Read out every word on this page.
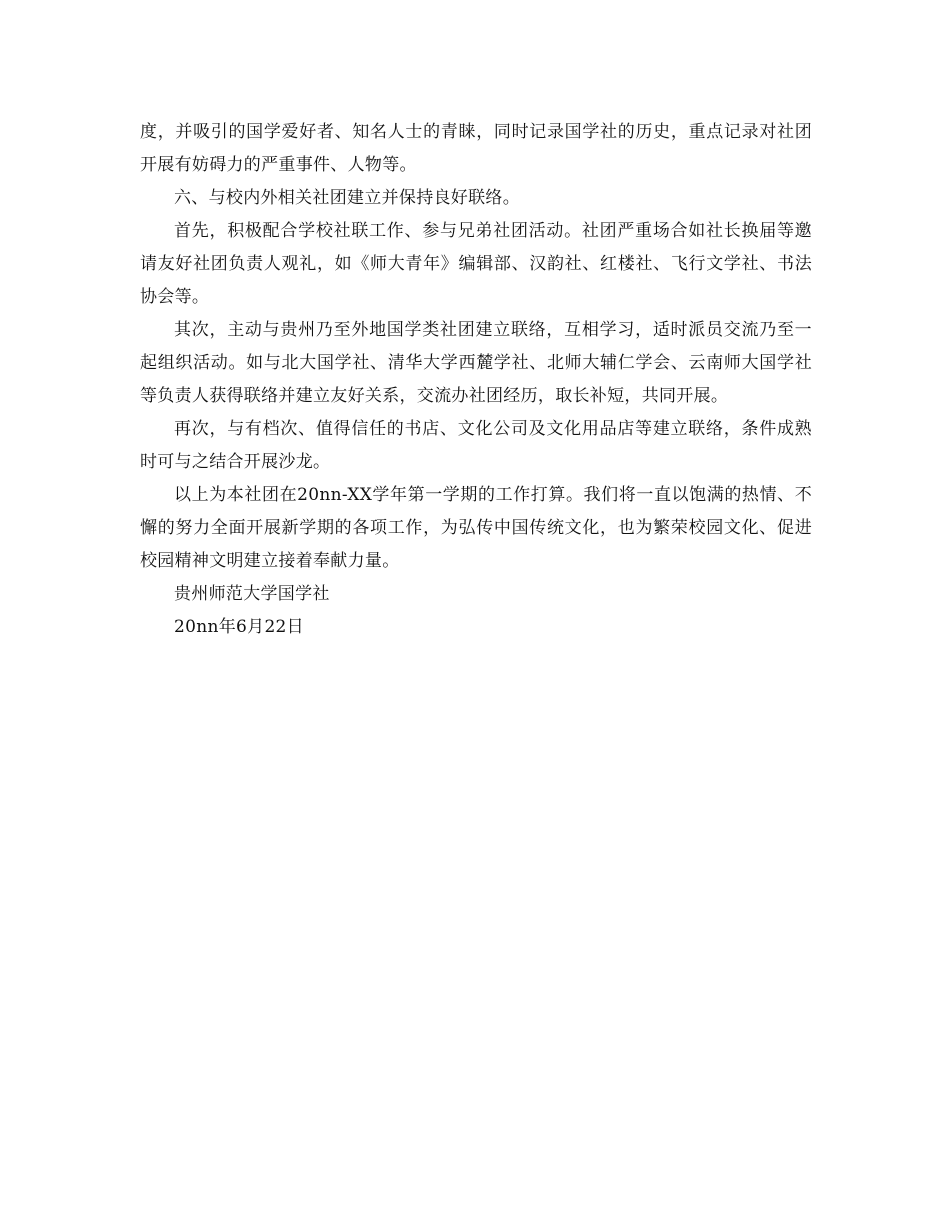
度，并吸引的国学爱好者、知名人士的青睐，同时记录国学社的历史，重点记录对社团开展有妨碍力的严重事件、人物等。

六、与校内外相关社团建立并保持良好联络。

首先，积极配合学校社联工作、参与兄弟社团活动。社团严重场合如社长换届等邀请友好社团负责人观礼，如《师大青年》编辑部、汉韵社、红楼社、飞行文学社、书法协会等。

其次，主动与贵州乃至外地国学类社团建立联络，互相学习，适时派员交流乃至一起组织活动。如与北大国学社、清华大学西麓学社、北师大辅仁学会、云南师大国学社等负责人获得联络并建立友好关系，交流办社团经历，取长补短，共同开展。

再次，与有档次、值得信任的书店、文化公司及文化用品店等建立联络，条件成熟时可与之结合开展沙龙。

以上为本社团在20nn-XX学年第一学期的工作打算。我们将一直以饱满的热情、不懈的努力全面开展新学期的各项工作，为弘传中国传统文化，也为繁荣校园文化、促进校园精神文明建立接着奉献力量。

贵州师范大学国学社

20nn年6月22日
